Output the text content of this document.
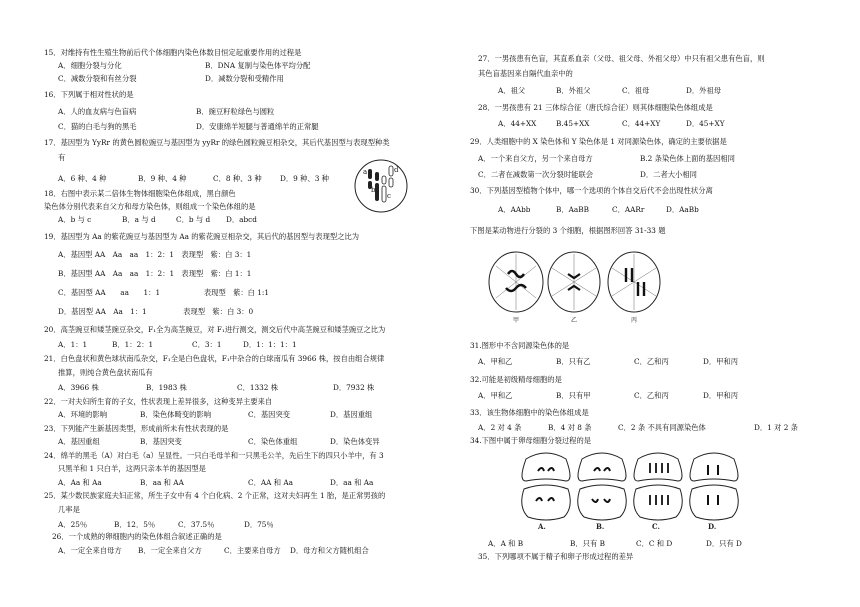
15．对维持有性生殖生物前后代个体细胞内染色体数目恒定起重要作用的过程是
A．细胞分裂与分化	B．DNA 复制与染色体平均分配
C．减数分裂和有丝分裂	D．减数分裂和受精作用
16．下列属于相对性状的是
A．人的血友病与色盲病	B．豌豆籽粒绿色与圆粒
C．猫的白毛与狗的黑毛	D．安康绵羊短腿与普通绵羊的正常腿
17．基因型为 YyRr 的黄色圆粒豌豆与基因型为 yyRr 的绿色圆粒豌豆相杂交，其后代基因型与表现型种类
有
A．6 种、4 种	B．9 种、4 种	C．8 种、3 种	D．9 种、3 种
18．右图中表示某二倍体生物体细胞染色体组成，黑白颜色
染色体分别代表来自父方和母方染色体，则组成一个染色体组的是
A．b 与 c	B．a 与 d	C．b 与 d D．abcd
a
b
c
d
19．基因型为 Aa 的紫花豌豆与基因型为 Aa 的紫花豌豆相杂交，其后代的基因型与表现型之比为
A．基因型 AA　Aa　aa　1：2：1　表现型　紫：白 3：1
B．基因型 AA　Aa　aa　1：2：1　表现型　紫：白 1：1
C．基因型 AA　　aa　　1：1　　　　　　表现型　紫：白 1:1
D．基因型 AA　Aa　1：1　　　　　表现型　紫：白 3：0
20．高茎豌豆和矮茎豌豆杂交，F₁全为高茎豌豆，对 F₁进行测交，测交后代中高茎豌豆和矮茎豌豆之比为
A．1：1	B．1：2：1	C．3：1	D．1：1：1：1
21．白色盘状和黄色球状南瓜杂交，F₁全是白色盘状，F₁中杂合的白球南瓜有 3966 株，按自由组合规律
推算，则纯合黄色盘状南瓜有
A．3966 株	B．1983 株	C．1332 株	D．7932 株
22．一对夫妇所生育的子女，性状表现上差异很多，这种变异主要来自
A．环境的影响	B．染色体畸变的影响	C．基因突变	D．基因重组
23．下列能产生新基因类型，形成前所未有性状表现的是
A．基因重组	B．基因突变	C．染色体重组	D．染色体变异
24．绵羊的黑毛（A）对白毛（a）呈显性。一只白毛母羊和一只黑毛公羊，先后生下的四只小羊中，有 3
只黑羊和 1 只白羊，这两只亲本羊的基因型是
A．Aa 和 Aa	B．aa 和 AA	C．AA 和 Aa	D．aa 和 Aa
25．某少数民族家庭夫妇正常，所生子女中有 4 个白化病、2 个正常，这对夫妇再生 1 胎，是正常男孩的
几率是
A．25％	B．12．5％	C．37.5％	D．75％
26．一个成熟的卵细胞内的染色体组合叙述正确的是
A．一定全来自母方 B．一定全来自父方	C．主要来自母方 D．母方和父方随机组合
27．一男孩患有色盲，其直系血亲（父母、祖父母、外祖父母）中只有祖父患有色盲，则
其色盲基因来自隔代血亲中的
A．祖父	B．外祖父	C．祖母	D．外祖母
28．一男孩患有 21 三体综合征（唐氏综合征）则其体细胞染色体组成是
A．44+XX	B.45+XX	C．44+XY	D．45+XY
29．人类细胞中的 X 染色体和 Y 染色体是 1 对同源染色体，确定的主要依据是
A．一个来自父方，另一个来自母方	B.2 条染色体上面的基因相同
C．二者在减数第一次分裂时能联会	D．二者大小相同
30．下列基因型植物个体中，哪一个选项的个体自交后代不会出现性状分离
A．AAbb	B．AaBB	C．AARr	D．AaBb
下图是某动物进行分裂的 3 个细胞，根据图形回答 31-33 题
甲	乙	丙
31.图形中不含同源染色体的是
A．甲和乙	B．只有乙	C．乙和丙	D．甲和丙
32.可能是初级精母细胞的是
A．甲和乙	B．只有甲	C．乙和丙	D．甲和丙
33．该生物体细胞中的染色体组成是
A．2 对 4 条	B．4 对 8 条	C．2 条 不具有同源染色体	D．1 对 2 条
34.下图中属于卵母细胞分裂过程的是
A.	B.	C.	D.
A．A 和 B	B．只有 B	C．C 和 D	D．只有 D
35．下列哪项不属于精子和卵子形成过程的差异
